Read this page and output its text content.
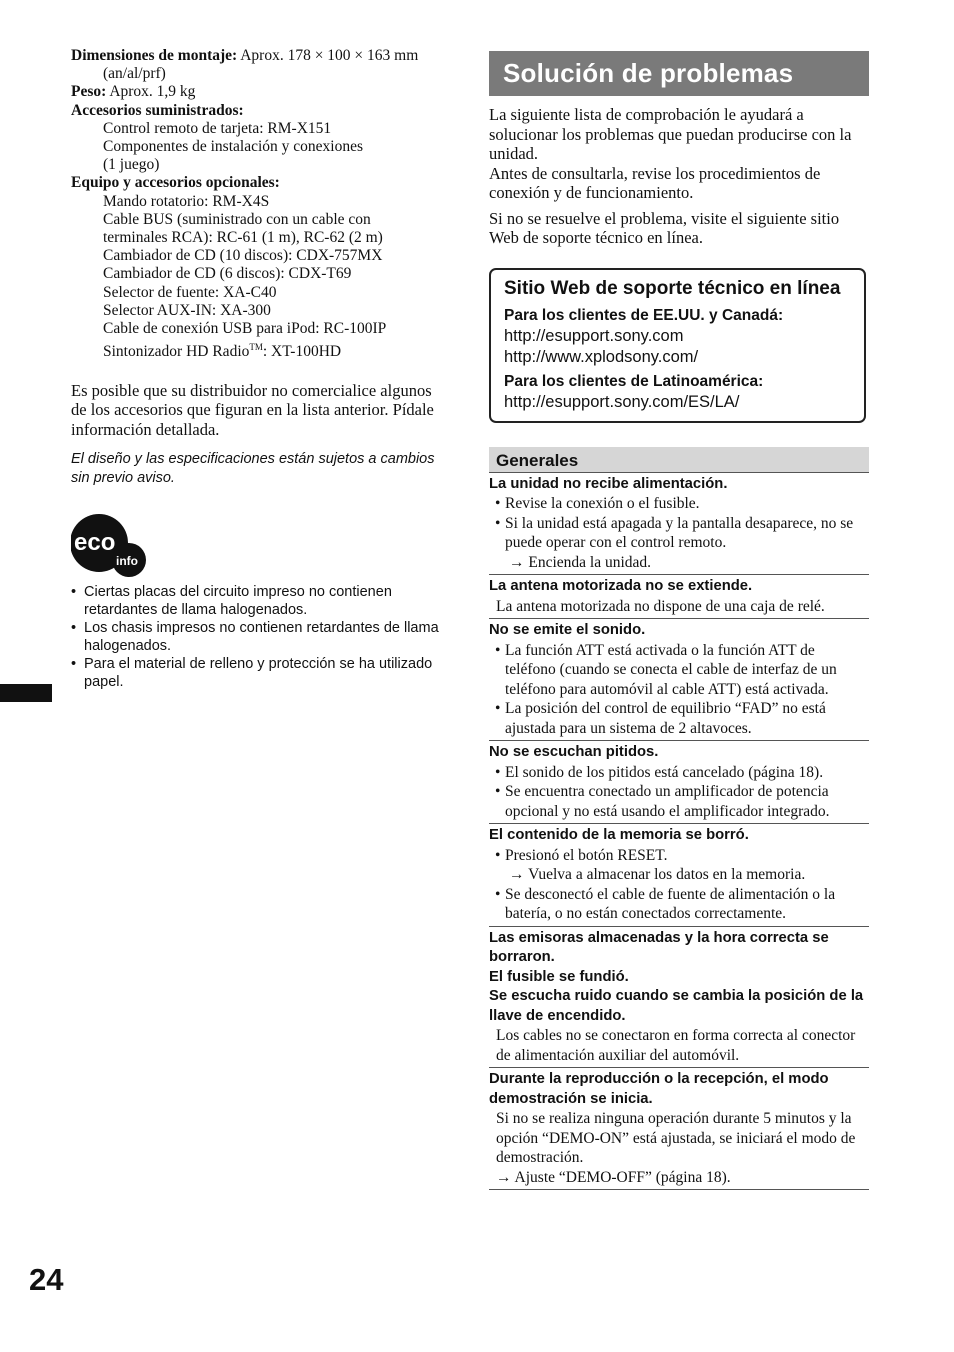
Dimensiones de montaje: Aprox. 178 × 100 × 163 mm
(an/al/prf)
Peso: Aprox. 1,9 kg
Accesorios suministrados:
Control remoto de tarjeta: RM-X151
Componentes de instalación y conexiones
(1 juego)
Equipo y accesorios opcionales:
Mando rotatorio: RM-X4S
Cable BUS (suministrado con un cable con
terminales RCA): RC-61 (1 m), RC-62 (2 m)
Cambiador de CD (10 discos): CDX-757MX
Cambiador de CD (6 discos): CDX-T69
Selector de fuente: XA-C40
Selector AUX-IN: XA-300
Cable de conexión USB para iPod: RC-100IP
Sintonizador HD Radio™: XT-100HD
Es posible que su distribuidor no comercialice algunos de los accesorios que figuran en la lista anterior. Pídale información detallada.
El diseño y las especificaciones están sujetos a cambios sin previo aviso.
eco
info
• Ciertas placas del circuito impreso no contienen retardantes de llama halogenados.
• Los chasis impresos no contienen retardantes de llama halogenados.
• Para el material de relleno y protección se ha utilizado papel.
24
Solución de problemas

La siguiente lista de comprobación le ayudará a solucionar los problemas que puedan producirse con la unidad.
Antes de consultarla, revise los procedimientos de conexión y de funcionamiento.

Si no se resuelve el problema, visite el siguiente sitio Web de soporte técnico en línea.

Sitio Web de soporte técnico en línea
Para los clientes de EE.UU. y Canadá:
http://esupport.sony.com
http://www.xplodsony.com/
Para los clientes de Latinoamérica:
http://esupport.sony.com/ES/LA/
Generales
La unidad no recibe alimentación.
• Revise la conexión o el fusible.
• Si la unidad está apagada y la pantalla desaparece, no se puede operar con el control remoto.
→ Encienda la unidad.
La antena motorizada no se extiende.
La antena motorizada no dispone de una caja de relé.
No se emite el sonido.
• La función ATT está activada o la función ATT de teléfono (cuando se conecta el cable de interfaz de un teléfono para automóvil al cable ATT) está activada.
• La posición del control de equilibrio “FAD” no está ajustada para un sistema de 2 altavoces.
No se escuchan pitidos.
• El sonido de los pitidos está cancelado (página 18).
• Se encuentra conectado un amplificador de potencia opcional y no está usando el amplificador integrado.
El contenido de la memoria se borró.
• Presionó el botón RESET.
→ Vuelva a almacenar los datos en la memoria.
• Se desconectó el cable de fuente de alimentación o la batería, o no están conectados correctamente.
Las emisoras almacenadas y la hora correcta se borraron.
El fusible se fundió.
Se escucha ruido cuando se cambia la posición de la llave de encendido.
Los cables no se conectaron en forma correcta al conector de alimentación auxiliar del automóvil.
Durante la reproducción o la recepción, el modo demostración se inicia.
Si no se realiza ninguna operación durante 5 minutos y la opción “DEMO-ON” está ajustada, se iniciará el modo de demostración.
→ Ajuste “DEMO-OFF” (página 18).
